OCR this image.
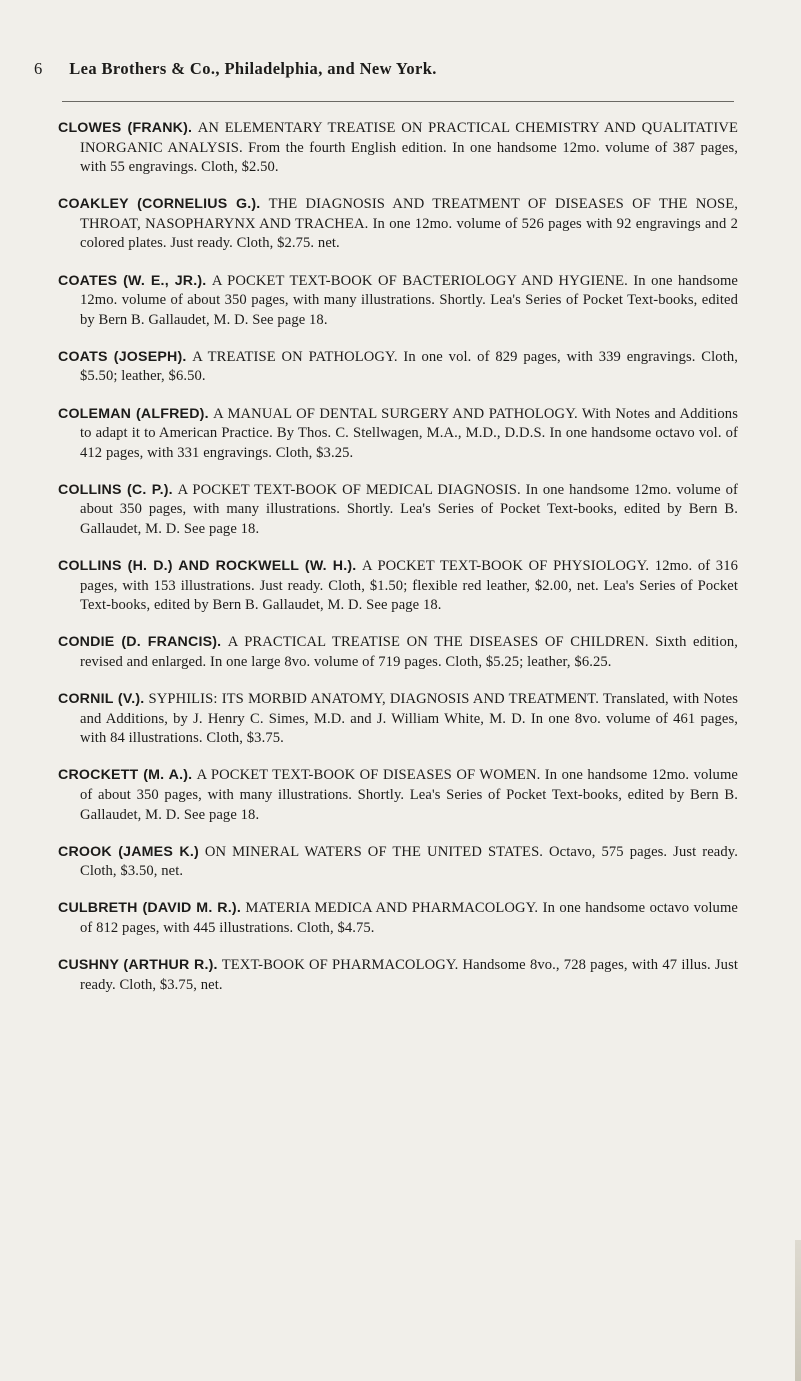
6 Lea Brothers & Co., Philadelphia, and New York.

CLOWES (FRANK). AN ELEMENTARY TREATISE ON PRACTICAL CHEMISTRY AND QUALITATIVE INORGANIC ANALYSIS. From the fourth English edition. In one handsome 12mo. volume of 387 pages, with 55 engravings. Cloth, $2.50.

COAKLEY (CORNELIUS G.). THE DIAGNOSIS AND TREATMENT OF DISEASES OF THE NOSE, THROAT, NASOPHARYNX AND TRACHEA. In one 12mo. volume of 526 pages with 92 engravings and 2 colored plates. Just ready. Cloth, $2.75. net.

COATES (W. E., JR.). A POCKET TEXT-BOOK OF BACTERIOLOGY AND HYGIENE. In one handsome 12mo. volume of about 350 pages, with many illustrations. Shortly. Lea's Series of Pocket Text-books, edited by Bern B. Gallaudet, M. D. See page 18.

COATS (JOSEPH). A TREATISE ON PATHOLOGY. In one vol. of 829 pages, with 339 engravings. Cloth, $5.50; leather, $6.50.

COLEMAN (ALFRED). A MANUAL OF DENTAL SURGERY AND PATHOLOGY. With Notes and Additions to adapt it to American Practice. By Thos. C. Stellwagen, M.A., M.D., D.D.S. In one handsome octavo vol. of 412 pages, with 331 engravings. Cloth, $3.25.

COLLINS (C. P.). A POCKET TEXT-BOOK OF MEDICAL DIAGNOSIS. In one handsome 12mo. volume of about 350 pages, with many illustrations. Shortly. Lea's Series of Pocket Text-books, edited by Bern B. Gallaudet, M. D. See page 18.

COLLINS (H. D.) AND ROCKWELL (W. H.). A POCKET TEXT-BOOK OF PHYSIOLOGY. 12mo. of 316 pages, with 153 illustrations. Just ready. Cloth, $1.50; flexible red leather, $2.00, net. Lea's Series of Pocket Text-books, edited by Bern B. Gallaudet, M. D. See page 18.

CONDIE (D. FRANCIS). A PRACTICAL TREATISE ON THE DISEASES OF CHILDREN. Sixth edition, revised and enlarged. In one large 8vo. volume of 719 pages. Cloth, $5.25; leather, $6.25.

CORNIL (V.). SYPHILIS: ITS MORBID ANATOMY, DIAGNOSIS AND TREATMENT. Translated, with Notes and Additions, by J. Henry C. Simes, M.D. and J. William White, M. D. In one 8vo. volume of 461 pages, with 84 illustrations. Cloth, $3.75.

CROCKETT (M. A.). A POCKET TEXT-BOOK OF DISEASES OF WOMEN. In one handsome 12mo. volume of about 350 pages, with many illustrations. Shortly. Lea's Series of Pocket Text-books, edited by Bern B. Gallaudet, M. D. See page 18.

CROOK (JAMES K.) ON MINERAL WATERS OF THE UNITED STATES. Octavo, 575 pages. Just ready. Cloth, $3.50, net.

CULBRETH (DAVID M. R.). MATERIA MEDICA AND PHARMACOLOGY. In one handsome octavo volume of 812 pages, with 445 illustrations. Cloth, $4.75.

CUSHNY (ARTHUR R.). TEXT-BOOK OF PHARMACOLOGY. Handsome 8vo., 728 pages, with 47 illus. Just ready. Cloth, $3.75, net.
